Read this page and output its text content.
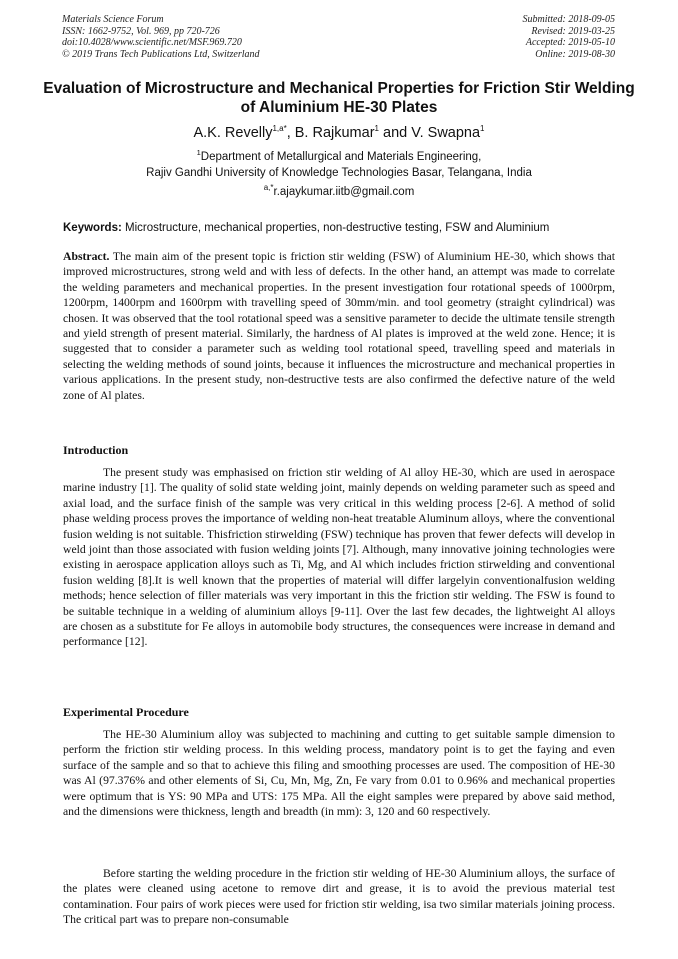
Materials Science Forum
ISSN: 1662-9752, Vol. 969, pp 720-726
doi:10.4028/www.scientific.net/MSF.969.720
© 2019 Trans Tech Publications Ltd, Switzerland
Submitted: 2018-09-05
Revised: 2019-03-25
Accepted: 2019-05-10
Online: 2019-08-30
Evaluation of Microstructure and Mechanical Properties for Friction Stir Welding of Aluminium HE-30 Plates
A.K. Revelly$^{1,a*}$, B. Rajkumar$^1$ and V. Swapna$^1$
$^1$Department of Metallurgical and Materials Engineering,
Rajiv Gandhi University of Knowledge Technologies Basar, Telangana, India
$^{a,*}$r.ajaykumar.iitb@gmail.com
Keywords: Microstructure, mechanical properties, non-destructive testing, FSW and Aluminium
Abstract. The main aim of the present topic is friction stir welding (FSW) of Aluminium HE-30, which shows that improved microstructures, strong weld and with less of defects. In the other hand, an attempt was made to correlate the welding parameters and mechanical properties. In the present investigation four rotational speeds of 1000rpm, 1200rpm, 1400rpm and 1600rpm with travelling speed of 30mm/min. and tool geometry (straight cylindrical) was chosen. It was observed that the tool rotational speed was a sensitive parameter to decide the ultimate tensile strength and yield strength of present material. Similarly, the hardness of Al plates is improved at the weld zone. Hence; it is suggested that to consider a parameter such as welding tool rotational speed, travelling speed and materials in selecting the welding methods of sound joints, because it influences the microstructure and mechanical properties in various applications. In the present study, non-destructive tests are also confirmed the defective nature of the weld zone of Al plates.
Introduction
The present study was emphasised on friction stir welding of Al alloy HE-30, which are used in aerospace marine industry [1]. The quality of solid state welding joint, mainly depends on welding parameter such as speed and axial load, and the surface finish of the sample was very critical in this welding process [2-6]. A method of solid phase welding process proves the importance of welding non-heat treatable Aluminum alloys, where the conventional fusion welding is not suitable. Thisfriction stirwelding (FSW) technique has proven that fewer defects will develop in weld joint than those associated with fusion welding joints [7]. Although, many innovative joining technologies were existing in aerospace application alloys such as Ti, Mg, and Al which includes friction stirwelding and conventional fusion welding [8].It is well known that the properties of material will differ largelyin conventionalfusion welding methods; hence selection of filler materials was very important in this the friction stir welding. The FSW is found to be suitable technique in a welding of aluminium alloys [9-11]. Over the last few decades, the lightweight Al alloys are chosen as a substitute for Fe alloys in automobile body structures, the consequences were increase in demand and performance [12].
Experimental Procedure
The HE-30 Aluminium alloy was subjected to machining and cutting to get suitable sample dimension to perform the friction stir welding process. In this welding process, mandatory point is to get the faying and even surface of the sample and so that to achieve this filing and smoothing processes are used. The composition of HE-30 was Al (97.376% and other elements of Si, Cu, Mn, Mg, Zn, Fe vary from 0.01 to 0.96% and mechanical properties were optimum that is YS: 90 MPa and UTS: 175 MPa. All the eight samples were prepared by above said method, and the dimensions were thickness, length and breadth (in mm): 3, 120 and 60 respectively.
Before starting the welding procedure in the friction stir welding of HE-30 Aluminium alloys, the surface of the plates were cleaned using acetone to remove dirt and grease, it is to avoid the previous material test contamination. Four pairs of work pieces were used for friction stir welding, isa two similar materials joining process. The critical part was to prepare non-consumable
